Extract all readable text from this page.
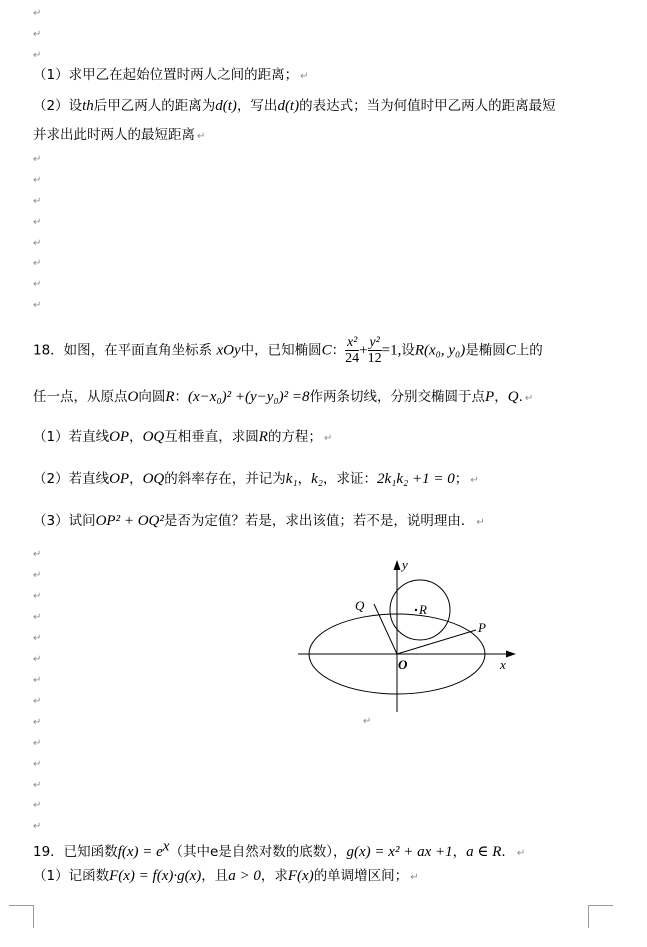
↵
↵
↵
（1）求甲乙在起始位置时两人之间的距离； ↵
（2）设th后甲乙两人的距离为d(t)，写出d(t)的表达式；当为何值时甲乙两人的距离最短
并求出此时两人的最短距离 ↵
↵
↵
↵
↵
↵
↵
↵
↵
18．如图，在平面直角坐标系 xOy中，已知椭圆C： $\frac{\text{x²}}{24} + \frac{\text{y²}}{12} =1$,设R(x₀, y₀)是椭圆C上的
任一点，从原点O向圆R：(x−x₀)² +(y−y₀)² =8作两条切线，分别交椭圆于点P，Q. ↵
（1）若直线OP，OQ互相垂直，求圆R的方程； ↵
（2）若直线OP，OQ的斜率存在，并记为k₁，k₂，求证：2k₁k₂ +1 = 0； ↵
（3）试问OP² + OQ²是否为定值？若是，求出该值；若不是，说明理由． ↵
↵
↵
↵
↵
↵
↵
↵
↵
↵
↵
↵
↵
↵
↵
y
x
O
P
Q	R
↵
19．已知函数$f(x) = e^x$（其中e是自然对数的底数），g(x) = x² + ax +1，a ∈ R． ↵
（1）记函数F(x) = f(x)·g(x)，且a > 0，求F(x)的单调增区间； ↵
